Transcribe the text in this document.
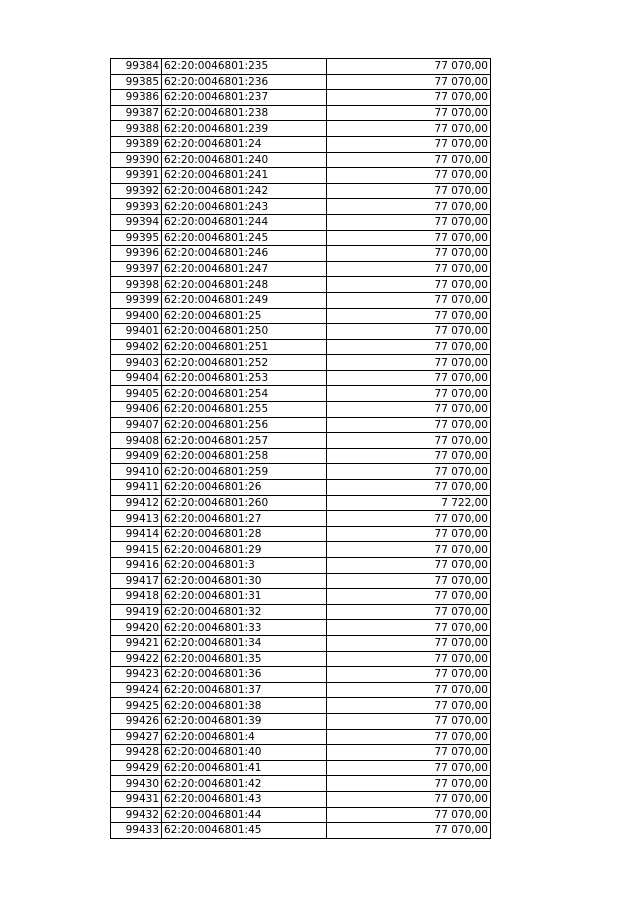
99384	62:20:0046801:235	77 070,00
99385	62:20:0046801:236	77 070,00
99386	62:20:0046801:237	77 070,00
99387	62:20:0046801:238	77 070,00
99388	62:20:0046801:239	77 070,00
99389	62:20:0046801:24	77 070,00
99390	62:20:0046801:240	77 070,00
99391	62:20:0046801:241	77 070,00
99392	62:20:0046801:242	77 070,00
99393	62:20:0046801:243	77 070,00
99394	62:20:0046801:244	77 070,00
99395	62:20:0046801:245	77 070,00
99396	62:20:0046801:246	77 070,00
99397	62:20:0046801:247	77 070,00
99398	62:20:0046801:248	77 070,00
99399	62:20:0046801:249	77 070,00
99400	62:20:0046801:25	77 070,00
99401	62:20:0046801:250	77 070,00
99402	62:20:0046801:251	77 070,00
99403	62:20:0046801:252	77 070,00
99404	62:20:0046801:253	77 070,00
99405	62:20:0046801:254	77 070,00
99406	62:20:0046801:255	77 070,00
99407	62:20:0046801:256	77 070,00
99408	62:20:0046801:257	77 070,00
99409	62:20:0046801:258	77 070,00
99410	62:20:0046801:259	77 070,00
99411	62:20:0046801:26	77 070,00
99412	62:20:0046801:260	7 722,00
99413	62:20:0046801:27	77 070,00
99414	62:20:0046801:28	77 070,00
99415	62:20:0046801:29	77 070,00
99416	62:20:0046801:3	77 070,00
99417	62:20:0046801:30	77 070,00
99418	62:20:0046801:31	77 070,00
99419	62:20:0046801:32	77 070,00
99420	62:20:0046801:33	77 070,00
99421	62:20:0046801:34	77 070,00
99422	62:20:0046801:35	77 070,00
99423	62:20:0046801:36	77 070,00
99424	62:20:0046801:37	77 070,00
99425	62:20:0046801:38	77 070,00
99426	62:20:0046801:39	77 070,00
99427	62:20:0046801:4	77 070,00
99428	62:20:0046801:40	77 070,00
99429	62:20:0046801:41	77 070,00
99430	62:20:0046801:42	77 070,00
99431	62:20:0046801:43	77 070,00
99432	62:20:0046801:44	77 070,00
99433	62:20:0046801:45	77 070,00
